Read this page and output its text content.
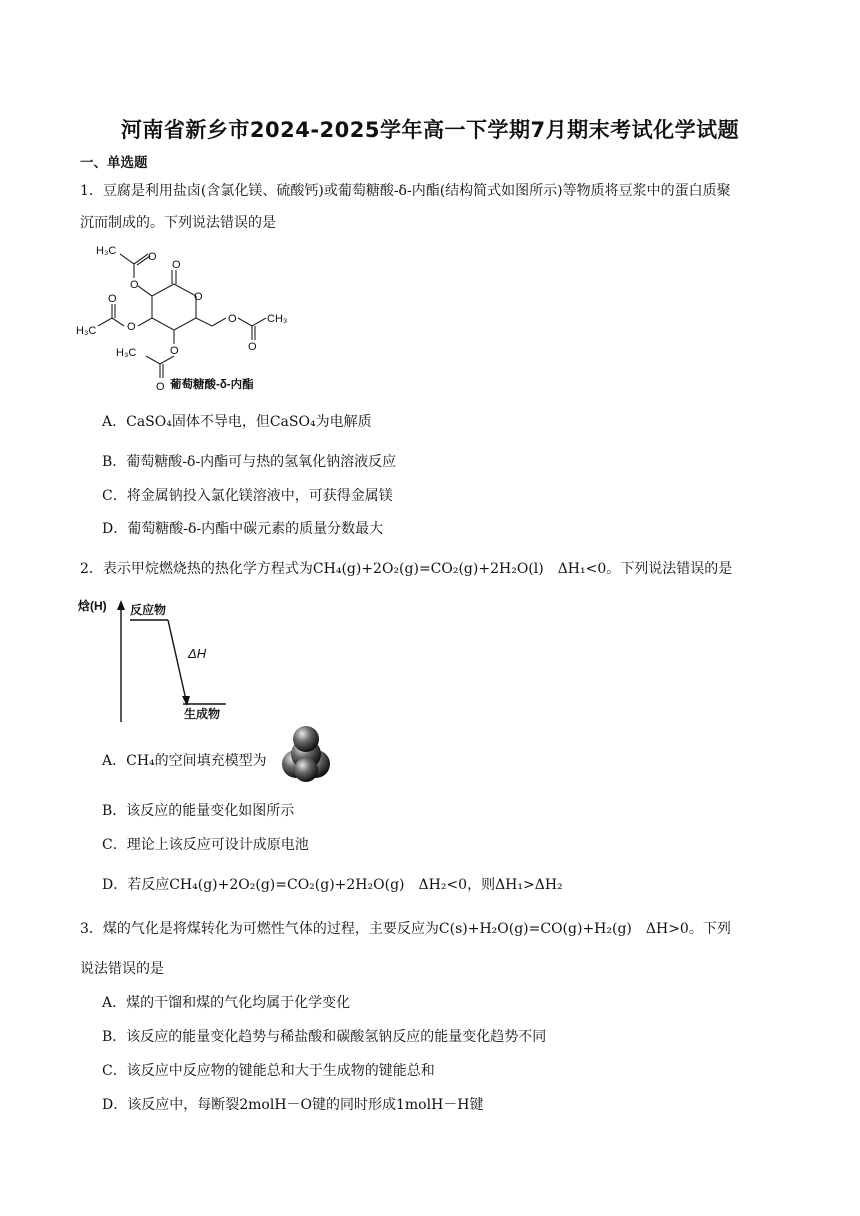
河南省新乡市2024-2025学年高一下学期7月期末考试化学试题
一、单选题
1．豆腐是利用盐卤(含氯化镁、硫酸钙)或葡萄糖酸-δ-内酯(结构简式如图所示)等物质将豆浆中的蛋白质聚
沉而制成的。下列说法错误的是
H₃C
O
O
O
H₃C
O
O
O
O	CH₃
O
H₃C	O
O 葡萄糖酸-δ-内酯
A．CaSO₄固体不导电，但CaSO₄为电解质
B．葡萄糖酸-δ-内酯可与热的氢氧化钠溶液反应
C．将金属钠投入氯化镁溶液中，可获得金属镁
D．葡萄糖酸-δ-内酯中碳元素的质量分数最大
2．表示甲烷燃烧热的热化学方程式为CH₄(g)+2O₂(g)=CO₂(g)+2H₂O(l)　ΔH₁<0。下列说法错误的是
焓(H) 反应物
生成物
ΔH
A．CH₄的空间填充模型为
B．该反应的能量变化如图所示
C．理论上该反应可设计成原电池
D．若反应CH₄(g)+2O₂(g)=CO₂(g)+2H₂O(g)　ΔH₂<0，则ΔH₁>ΔH₂
3．煤的气化是将煤转化为可燃性气体的过程，主要反应为C(s)+H₂O(g)=CO(g)+H₂(g)　ΔH>0。下列
说法错误的是
A．煤的干馏和煤的气化均属于化学变化
B．该反应的能量变化趋势与稀盐酸和碳酸氢钠反应的能量变化趋势不同
C．该反应中反应物的键能总和大于生成物的键能总和
D．该反应中，每断裂2molH－O键的同时形成1molH－H键
